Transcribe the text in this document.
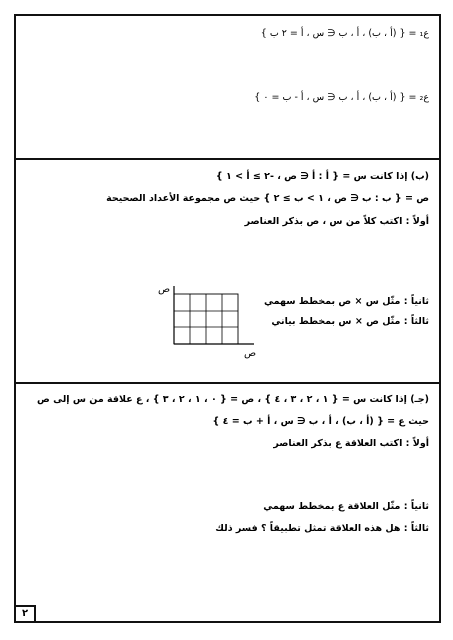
ع₁ = { (أ ، ب) ، أ ، ب ∈ س ، أ = ٢ ب }
ع₂ = { (أ ، ب) ، أ ، ب ∈ س ، أ - ب = ٠ }
(ب) إذا كانت س = { أ : أ ∈ ص ، -٢ ≥ أ > ١ }
ص = { ب : ب ∈ ص ، ١ > ب ≥ ٢ } حيث ص مجموعة الأعداد الصحيحة
أولاً : اكتب كلاً من س ، ص بذكر العناصر
ثانياً : مثّل س × ص بمخطط سهمي
ثالثاً : مثّل ص × س بمخطط بياني
ص
ص
(جـ) إذا كانت س = { ١ ، ٢ ، ٣ ، ٤ } ، ص = { ٠ ، ١ ، ٢ ، ٣ } ، ع علاقة من س إلى ص
حيث ع = { (أ ، ب) ، أ ، ب ∈ س ، أ + ب = ٤ }
أولاً : اكتب العلاقة ع بذكر العناصر
ثانياً : مثّل العلاقة ع بمخطط سهمي
ثالثاً : هل هذه العلاقة تمثل تطبيقاً ؟ فسر ذلك
٢
